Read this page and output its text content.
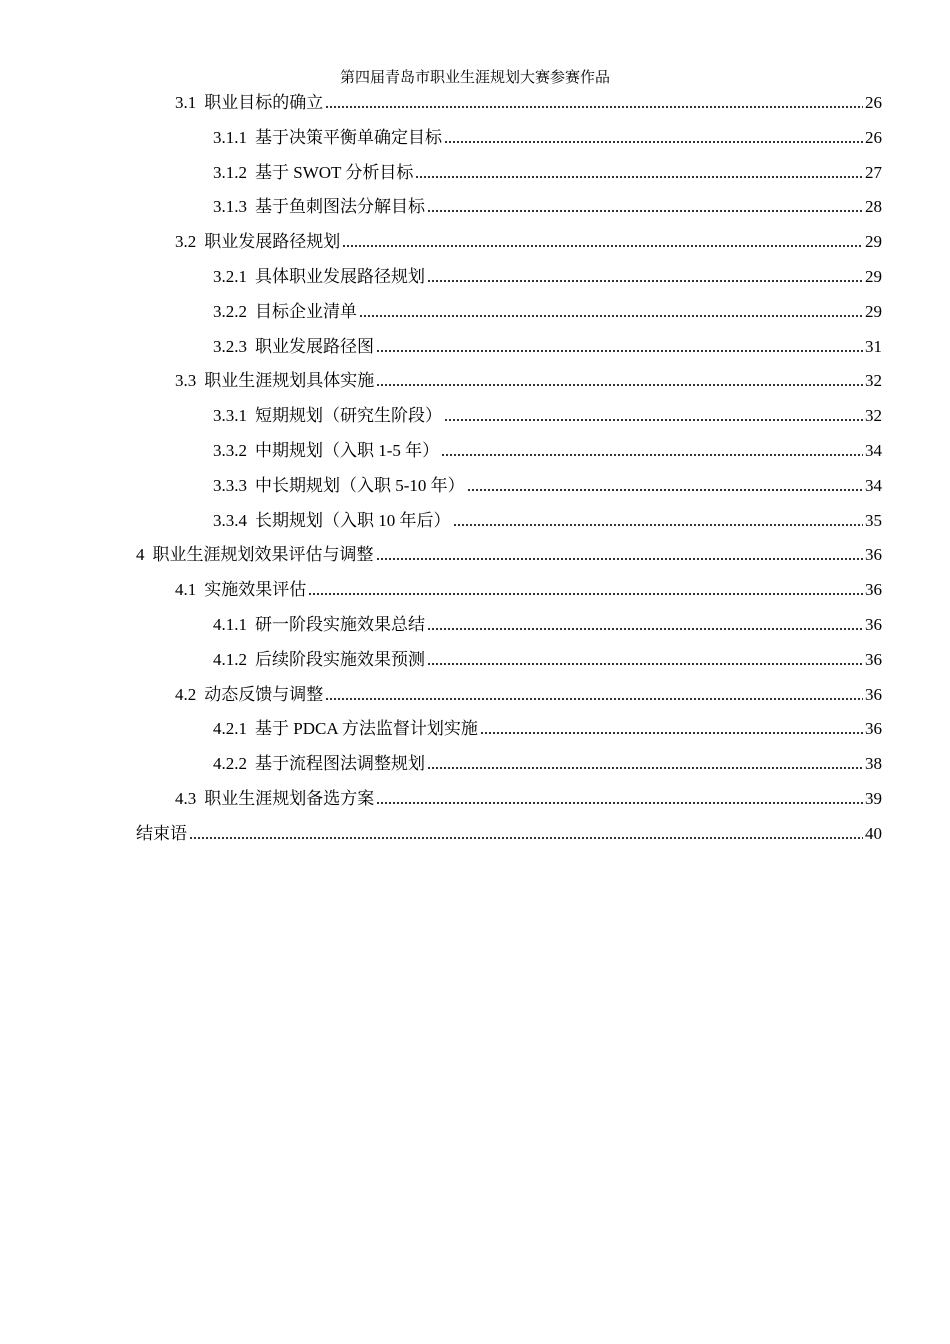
第四届青岛市职业生涯规划大赛参赛作品
3.1 职业目标的确立	26
3.1.1 基于决策平衡单确定目标	26
3.1.2 基于 SWOT 分析目标	27
3.1.3 基于鱼刺图法分解目标	28
3.2 职业发展路径规划	29
3.2.1 具体职业发展路径规划	29
3.2.2 目标企业清单	29
3.2.3 职业发展路径图	31
3.3 职业生涯规划具体实施	32
3.3.1 短期规划（研究生阶段）	32
3.3.2 中期规划（入职 1-5 年）	34
3.3.3 中长期规划（入职 5-10 年）	34
3.3.4 长期规划（入职 10 年后）	35
4 职业生涯规划效果评估与调整	36
4.1 实施效果评估	36
4.1.1 研一阶段实施效果总结	36
4.1.2 后续阶段实施效果预测	36
4.2 动态反馈与调整	36
4.2.1 基于 PDCA 方法监督计划实施	36
4.2.2 基于流程图法调整规划	38
4.3 职业生涯规划备选方案	39
结束语	40
